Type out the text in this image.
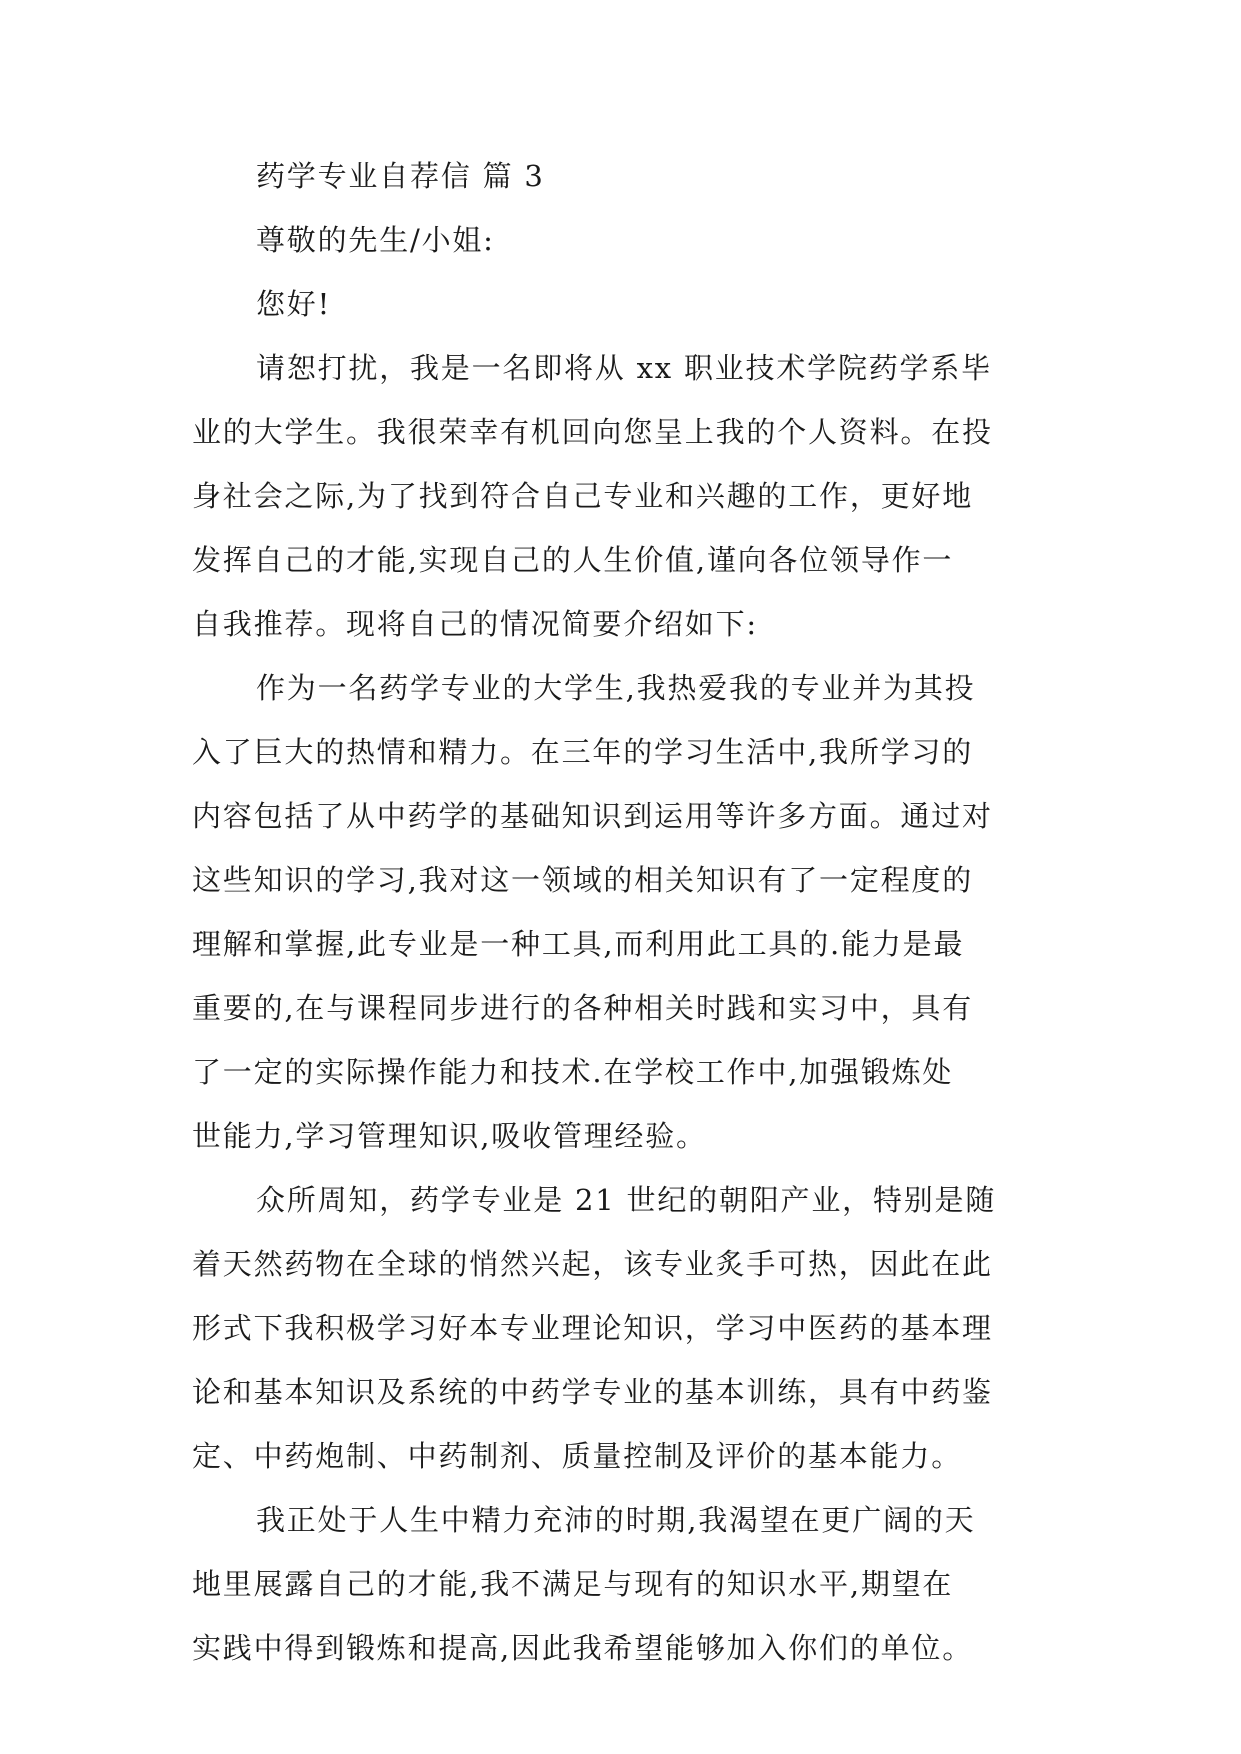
药学专业自荐信 篇 3
尊敬的先生/小姐:
您好!
请恕打扰，我是一名即将从 xx 职业技术学院药学系毕
业的大学生。我很荣幸有机回向您呈上我的个人资料。在投
身社会之际,为了找到符合自己专业和兴趣的工作，更好地
发挥自己的才能,实现自己的人生价值,谨向各位领导作一
自我推荐。现将自己的情况简要介绍如下:
作为一名药学专业的大学生,我热爱我的专业并为其投
入了巨大的热情和精力。在三年的学习生活中,我所学习的
内容包括了从中药学的基础知识到运用等许多方面。通过对
这些知识的学习,我对这一领域的相关知识有了一定程度的
理解和掌握,此专业是一种工具,而利用此工具的.能力是最
重要的,在与课程同步进行的各种相关时践和实习中，具有
了一定的实际操作能力和技术.在学校工作中,加强锻炼处
世能力,学习管理知识,吸收管理经验。
众所周知，药学专业是 21 世纪的朝阳产业，特别是随
着天然药物在全球的悄然兴起，该专业炙手可热，因此在此
形式下我积极学习好本专业理论知识，学习中医药的基本理
论和基本知识及系统的中药学专业的基本训练，具有中药鉴
定、中药炮制、中药制剂、质量控制及评价的基本能力。
我正处于人生中精力充沛的时期,我渴望在更广阔的天
地里展露自己的才能,我不满足与现有的知识水平,期望在
实践中得到锻炼和提高,因此我希望能够加入你们的单位。
